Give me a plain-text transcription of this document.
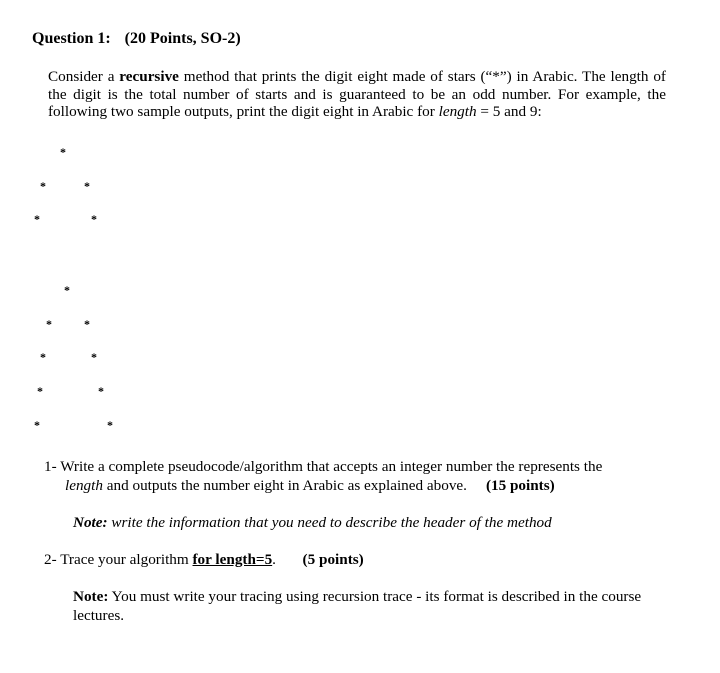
Question 1: (20 Points, SO-2)
Consider a recursive method that prints the digit eight made of stars (“*”) in Arabic. The length of the digit is the total number of starts and is guaranteed to be an odd number. For example, the following two sample outputs, print the digit eight in Arabic for length = 5 and 9:
*
*	*
*	*
*
*	*
*	*
*	*
*	*
1- Write a complete pseudocode/algorithm that accepts an integer number the represents the
length and outputs the number eight in Arabic as explained above. (15 points)
Note: write the information that you need to describe the header of the method
2- Trace your algorithm for length=5. (5 points)
Note: You must write your tracing using recursion trace - its format is described in the course lectures.
